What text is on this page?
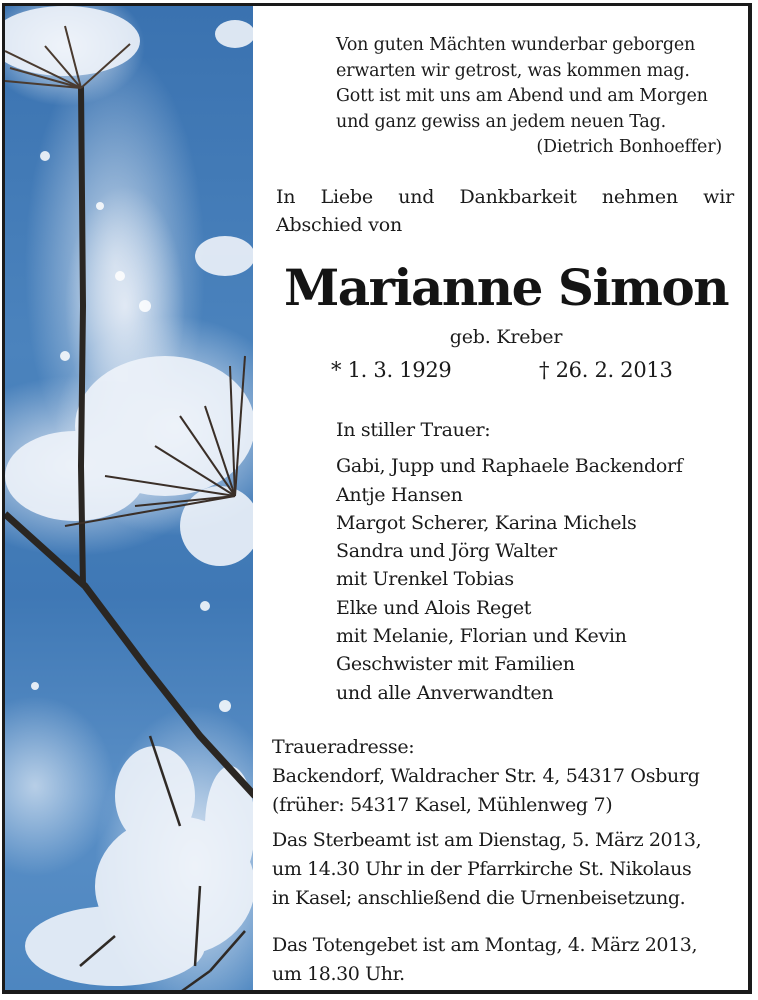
Von guten Mächten wunderbar geborgen
erwarten wir getrost, was kommen mag.
Gott ist mit uns am Abend und am Morgen
und ganz gewiss an jedem neuen Tag.
(Dietrich Bonhoeffer)
In Liebe und Dankbarkeit nehmen wir
Abschied von
Marianne Simon
geb. Kreber
* 1. 3. 1929	† 26. 2. 2013
In stiller Trauer:
Gabi, Jupp und Raphaele Backendorf
Antje Hansen
Margot Scherer, Karina Michels
Sandra und Jörg Walter
mit Urenkel Tobias
Elke und Alois Reget
mit Melanie, Florian und Kevin
Geschwister mit Familien
und alle Anverwandten
Traueradresse:
Backendorf, Waldracher Str. 4, 54317 Osburg
(früher: 54317 Kasel, Mühlenweg 7)
Das Sterbeamt ist am Dienstag, 5. März 2013,
um 14.30 Uhr in der Pfarrkirche St. Nikolaus
in Kasel; anschließend die Urnenbeisetzung.
Das Totengebet ist am Montag, 4. März 2013,
um 18.30 Uhr.
